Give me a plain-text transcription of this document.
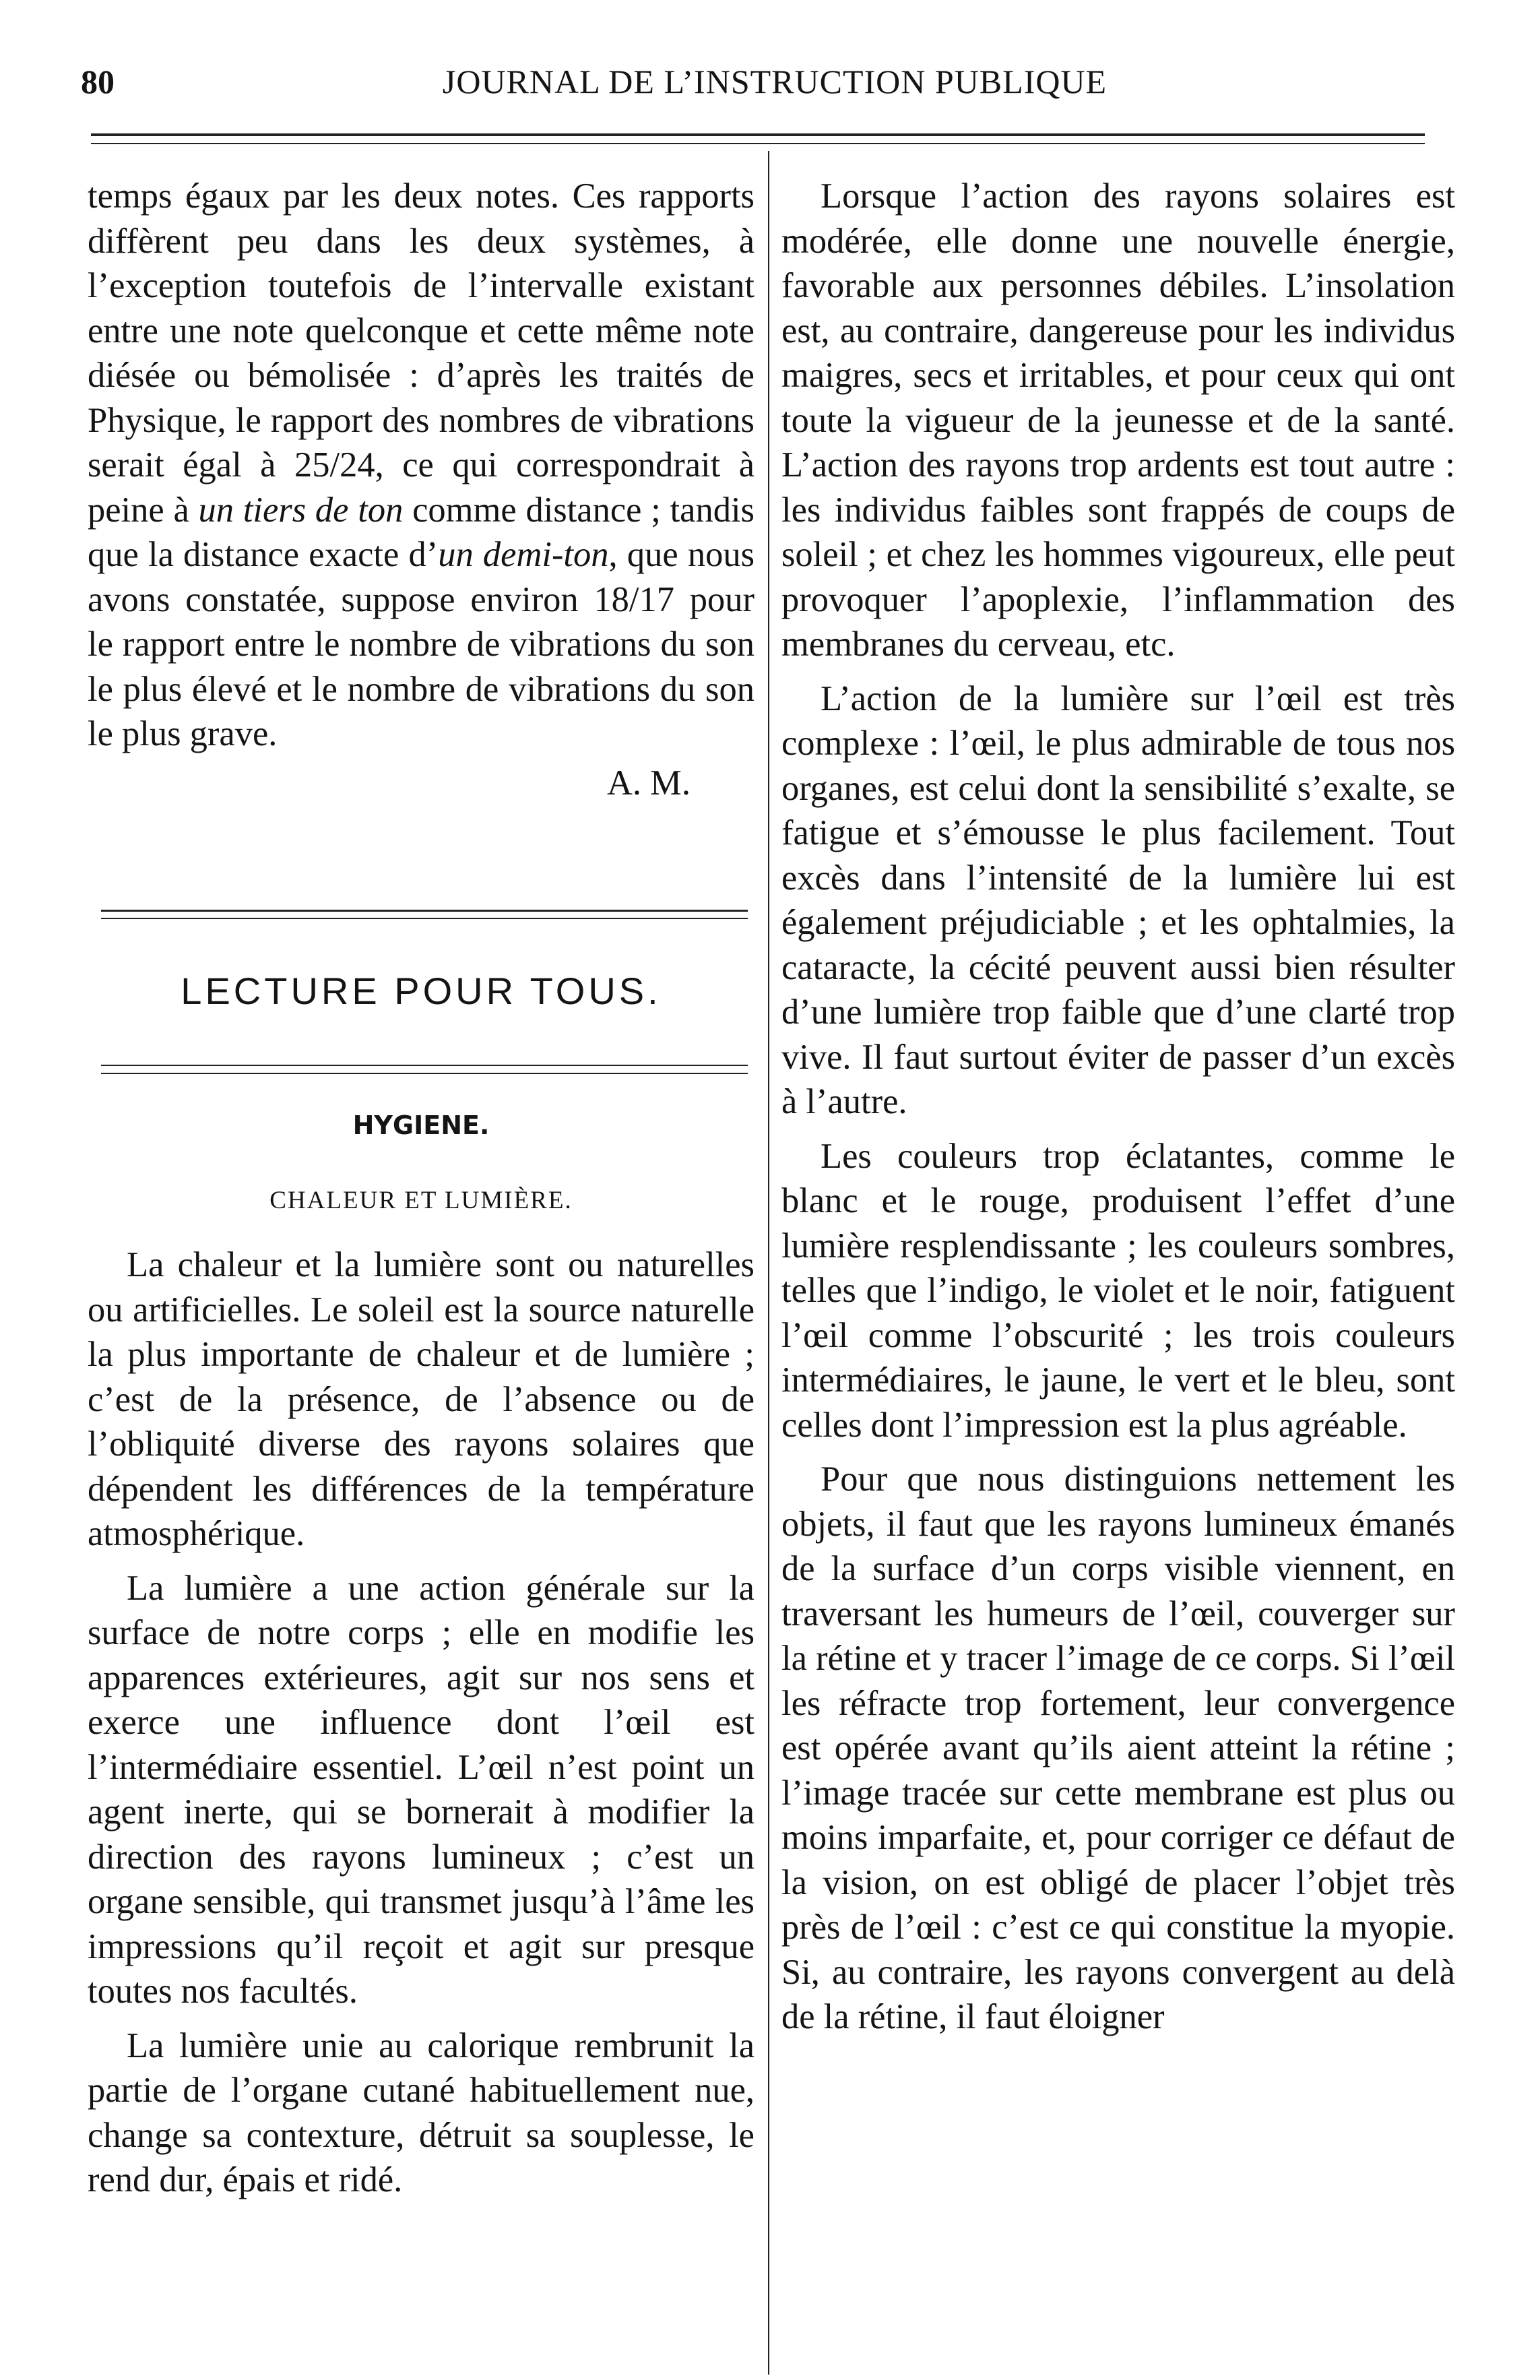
80	JOURNAL DE L’INSTRUCTION PUBLIQUE

temps égaux par les deux notes. Ces rapports diffèrent peu dans les deux systèmes, à l’exception toutefois de l’intervalle existant entre une note quelconque et cette même note diésée ou bémolisée : d’après les traités de Physique, le rapport des nombres de vibrations serait égal à 25/24, ce qui correspondrait à peine à un tiers de ton comme distance ; tandis que la distance exacte d’un demi-ton, que nous avons constatée, suppose environ 18/17 pour le rapport entre le nombre de vibrations du son le plus élevé et le nombre de vibrations du son le plus grave.

A. M.
LECTURE POUR TOUS.
HYGIENE.
CHALEUR ET LUMIÈRE.

La chaleur et la lumière sont ou naturelles ou artificielles. Le soleil est la source naturelle la plus importante de chaleur et de lumière ; c’est de la présence, de l’absence ou de l’obliquité diverse des rayons solaires que dépendent les différences de la température atmosphérique.

La lumière a une action générale sur la surface de notre corps ; elle en modifie les apparences extérieures, agit sur nos sens et exerce une influence dont l’œil est l’intermédiaire essentiel. L’œil n’est point un agent inerte, qui se bornerait à modifier la direction des rayons lumineux ; c’est un organe sensible, qui transmet jusqu’à l’âme les impressions qu’il reçoit et agit sur presque toutes nos facultés.

La lumière unie au calorique rembrunit la partie de l’organe cutané habituellement nue, change sa contexture, détruit sa souplesse, le rend dur, épais et ridé.

Lorsque l’action des rayons solaires est modérée, elle donne une nouvelle énergie, favorable aux personnes débiles. L’insolation est, au contraire, dangereuse pour les individus maigres, secs et irritables, et pour ceux qui ont toute la vigueur de la jeunesse et de la santé. L’action des rayons trop ardents est tout autre : les individus faibles sont frappés de coups de soleil ; et chez les hommes vigoureux, elle peut provoquer l’apoplexie, l’inflammation des membranes du cerveau, etc.

L’action de la lumière sur l’œil est très complexe : l’œil, le plus admirable de tous nos organes, est celui dont la sensibilité s’exalte, se fatigue et s’émousse le plus facilement. Tout excès dans l’intensité de la lumière lui est également préjudiciable ; et les ophtalmies, la cataracte, la cécité peuvent aussi bien résulter d’une lumière trop faible que d’une clarté trop vive. Il faut surtout éviter de passer d’un excès à l’autre.

Les couleurs trop éclatantes, comme le blanc et le rouge, produisent l’effet d’une lumière resplendissante ; les couleurs sombres, telles que l’indigo, le violet et le noir, fatiguent l’œil comme l’obscurité ; les trois couleurs intermédiaires, le jaune, le vert et le bleu, sont celles dont l’impression est la plus agréable.

Pour que nous distinguions nettement les objets, il faut que les rayons lumineux émanés de la surface d’un corps visible viennent, en traversant les humeurs de l’œil, couverger sur la rétine et y tracer l’image de ce corps. Si l’œil les réfracte trop fortement, leur convergence est opérée avant qu’ils aient atteint la rétine ; l’image tracée sur cette membrane est plus ou moins imparfaite, et, pour corriger ce défaut de la vision, on est obligé de placer l’objet très près de l’œil : c’est ce qui constitue la myopie. Si, au contraire, les rayons convergent au delà de la rétine, il faut éloigner
